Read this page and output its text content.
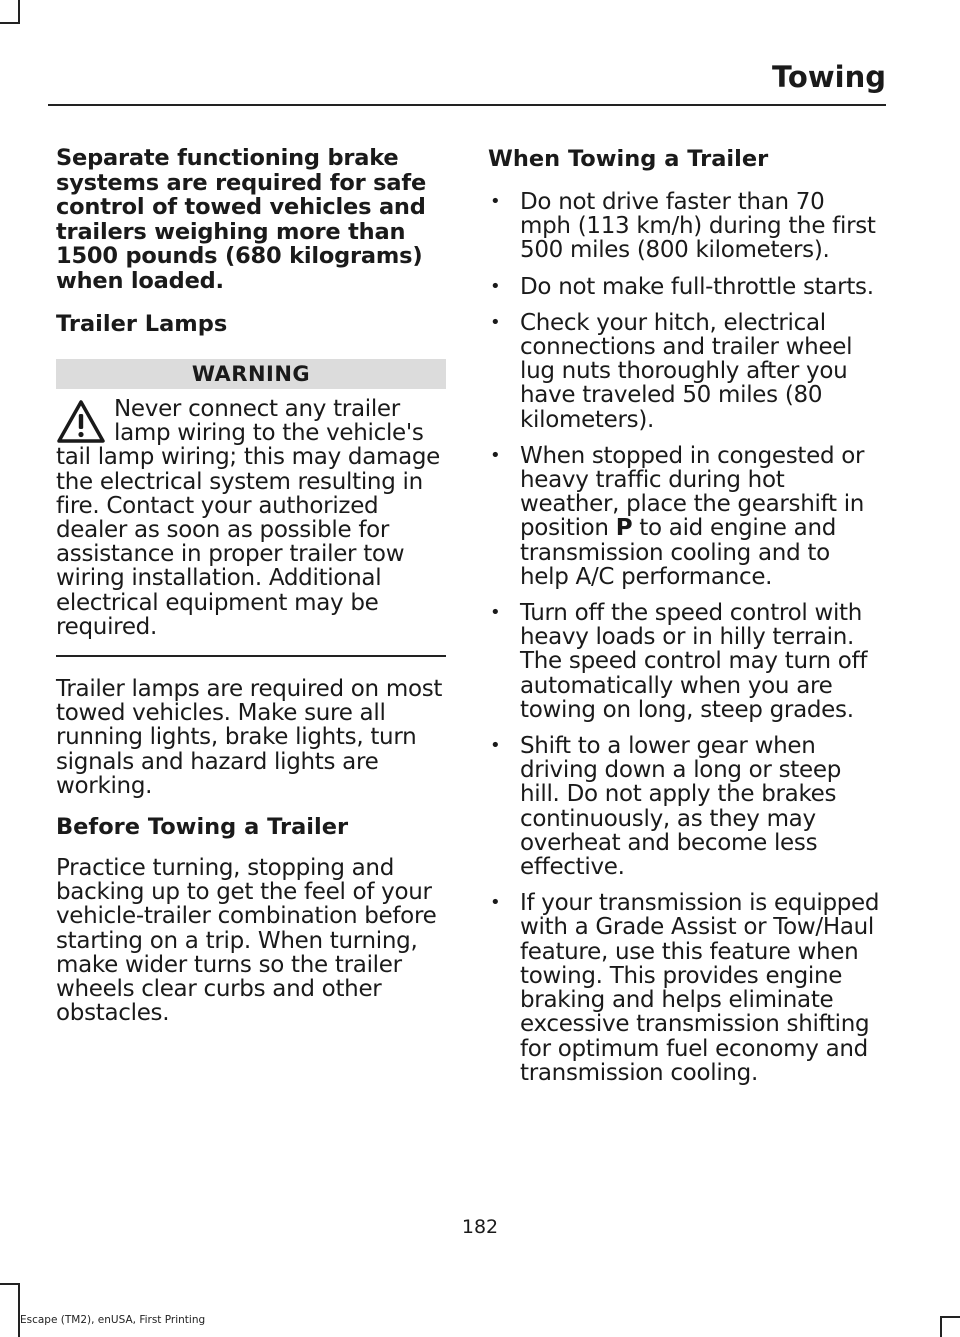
Towing

Separate functioning brake systems are required for safe control of towed vehicles and trailers weighing more than 1500 pounds (680 kilograms) when loaded.

Trailer Lamps
WARNING
Never connect any trailer lamp wiring to the vehicle's tail lamp wiring; this may damage the electrical system resulting in fire. Contact your authorized dealer as soon as possible for assistance in proper trailer tow wiring installation. Additional electrical equipment may be required.

Trailer lamps are required on most towed vehicles. Make sure all running lights, brake lights, turn signals and hazard lights are working.

Before Towing a Trailer

Practice turning, stopping and backing up to get the feel of your vehicle-trailer combination before starting on a trip. When turning, make wider turns so the trailer wheels clear curbs and other obstacles.

When Towing a Trailer
• Do not drive faster than 70 mph (113 km/h) during the first 500 miles (800 kilometers).
• Do not make full-throttle starts.
• Check your hitch, electrical connections and trailer wheel lug nuts thoroughly after you have traveled 50 miles (80 kilometers).
• When stopped in congested or heavy traffic during hot weather, place the gearshift in position P to aid engine and transmission cooling and to help A/C performance.
• Turn off the speed control with heavy loads or in hilly terrain. The speed control may turn off automatically when you are towing on long, steep grades.
• Shift to a lower gear when driving down a long or steep hill. Do not apply the brakes continuously, as they may overheat and become less effective.
• If your transmission is equipped with a Grade Assist or Tow/Haul feature, use this feature when towing. This provides engine braking and helps eliminate excessive transmission shifting for optimum fuel economy and transmission cooling.
182
Escape (TM2), enUSA, First Printing
